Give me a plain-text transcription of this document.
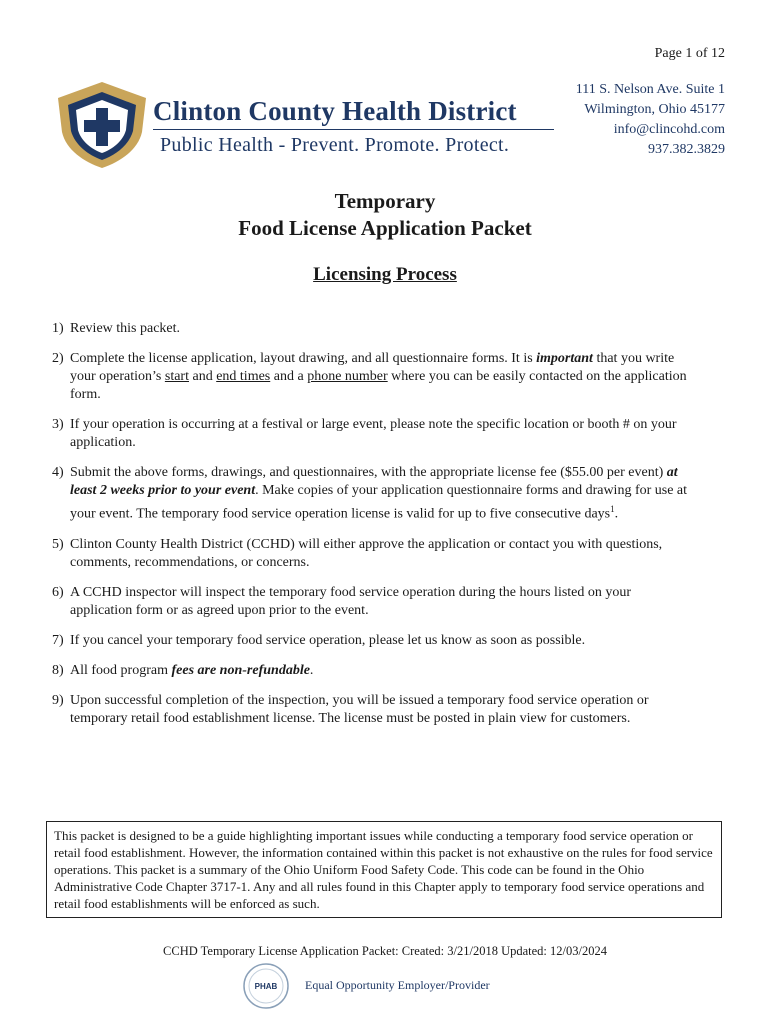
Page 1 of 12
Clinton County Health District
Public Health - Prevent. Promote. Protect.
111 S. Nelson Ave. Suite 1
Wilmington, Ohio 45177
info@clincohd.com
937.382.3829
Temporary
Food License Application Packet
Licensing Process
1) Review this packet.
2) Complete the license application, layout drawing, and all questionnaire forms. It is important that you write your operation’s start and end times and a phone number where you can be easily contacted on the application form.
3) If your operation is occurring at a festival or large event, please note the specific location or booth # on your application.
4) Submit the above forms, drawings, and questionnaires, with the appropriate license fee ($55.00 per event) at least 2 weeks prior to your event. Make copies of your application questionnaire forms and drawing for use at your event. The temporary food service operation license is valid for up to five consecutive days$^1$.
5) Clinton County Health District (CCHD) will either approve the application or contact you with questions, comments, recommendations, or concerns.
6) A CCHD inspector will inspect the temporary food service operation during the hours listed on your application form or as agreed upon prior to the event.
7) If you cancel your temporary food service operation, please let us know as soon as possible.
8) All food program fees are non-refundable.
9) Upon successful completion of the inspection, you will be issued a temporary food service operation or temporary retail food establishment license. The license must be posted in plain view for customers.
This packet is designed to be a guide highlighting important issues while conducting a temporary food service operation or retail food establishment. However, the information contained within this packet is not exhaustive on the rules for food service operations. This packet is a summary of the Ohio Uniform Food Safety Code. This code can be found in the Ohio Administrative Code Chapter 3717-1. Any and all rules found in this Chapter apply to temporary food service operations and retail food establishments will be enforced as such.
CCHD Temporary License Application Packet: Created: 3/21/2018 Updated: 12/03/2024
PHAB Equal Opportunity Employer/Provider
